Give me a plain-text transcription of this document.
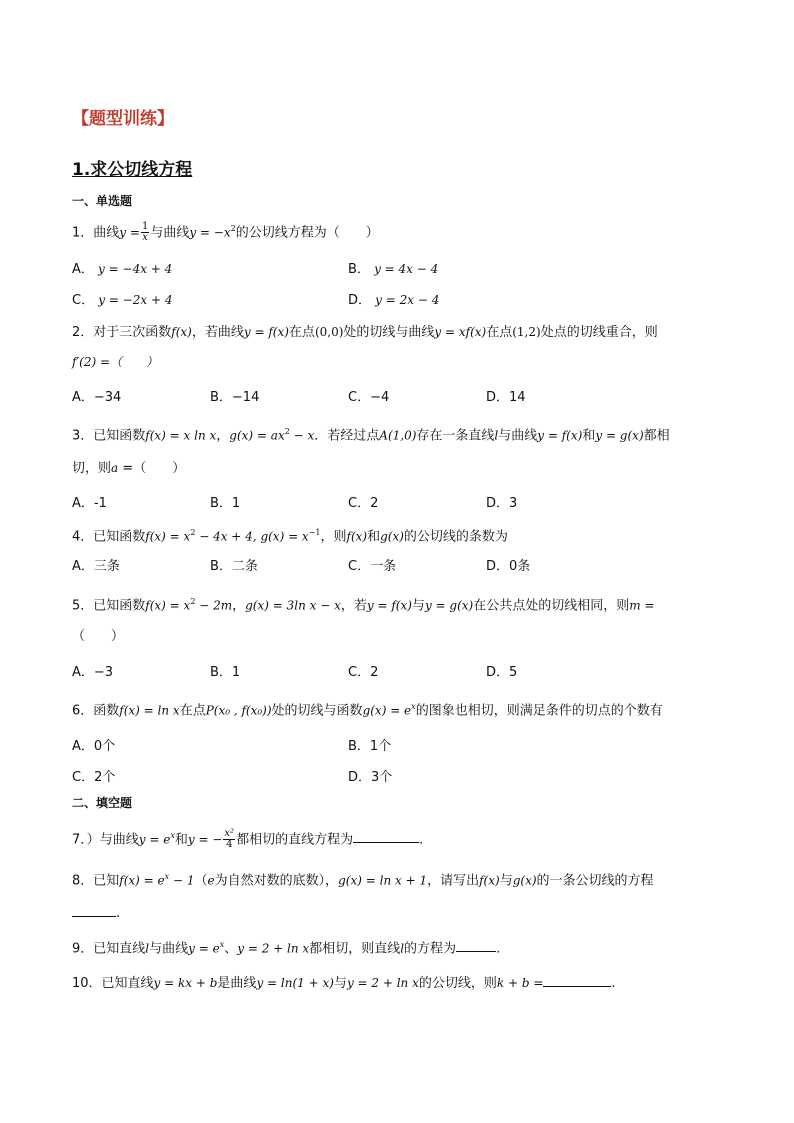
【题型训练】
1.求公切线方程
一、单选题
1．曲线$y = \frac{1}{x}$ 与曲线$y = -x^2$的公切线方程为（　　）
A． y = −4x + 4	B． y = 4x − 4
C． y = −2x + 4	D． y = 2x − 4
2．对于三次函数f(x)，若曲线y = f(x)在点(0,0)处的切线与曲线y = xf(x)在点(1,2)处点的切线重合，则
f′(2) =（　　）
A．−34	B．−14	C．−4	D．14
3．已知函数f(x) = x ln x，$g(x) = ax^2 - x$．若经过点A(1,0)存在一条直线l与曲线y = f(x)和y = g(x)都相
切，则a =（　　）
A．-1	B．1	C．2	D．3
4．已知函数$f(x) = x^2 - 4x + 4$, $g(x) = x^{-1}$，则f(x)和g(x)的公切线的条数为
A．三条	B．二条	C．一条	D．0条
5．已知函数$f(x) = x^2 - 2m$，g(x) = 3ln x − x，若y = f(x)与y = g(x)在公共点处的切线相同，则m =
（　　）
A．−3	B．1	C．2	D．5
6．函数f(x) = ln x在点P(x₀ , f(x₀))处的切线与函数$g(x) = e^x$的图象也相切，则满足条件的切点的个数有
A．0个	B．1个
C．2个	D．3个
二、填空题
7．）与曲线$y = e^x$和y = − $\frac{\text{x²}}{4}$ 都相切的直线方程为	.
8．已知$f(x) = e^x - 1(e$为自然对数的底数），g(x) = ln x + 1，请写出f(x)与g(x)的一条公切线的方程
.
9．已知直线l与曲线$y = e^x$、y = 2 + ln x都相切，则直线l的方程为	.
10．已知直线y = kx + b是曲线y = ln(1 + x)与y = 2 + ln x的公切线，则k + b =	.
